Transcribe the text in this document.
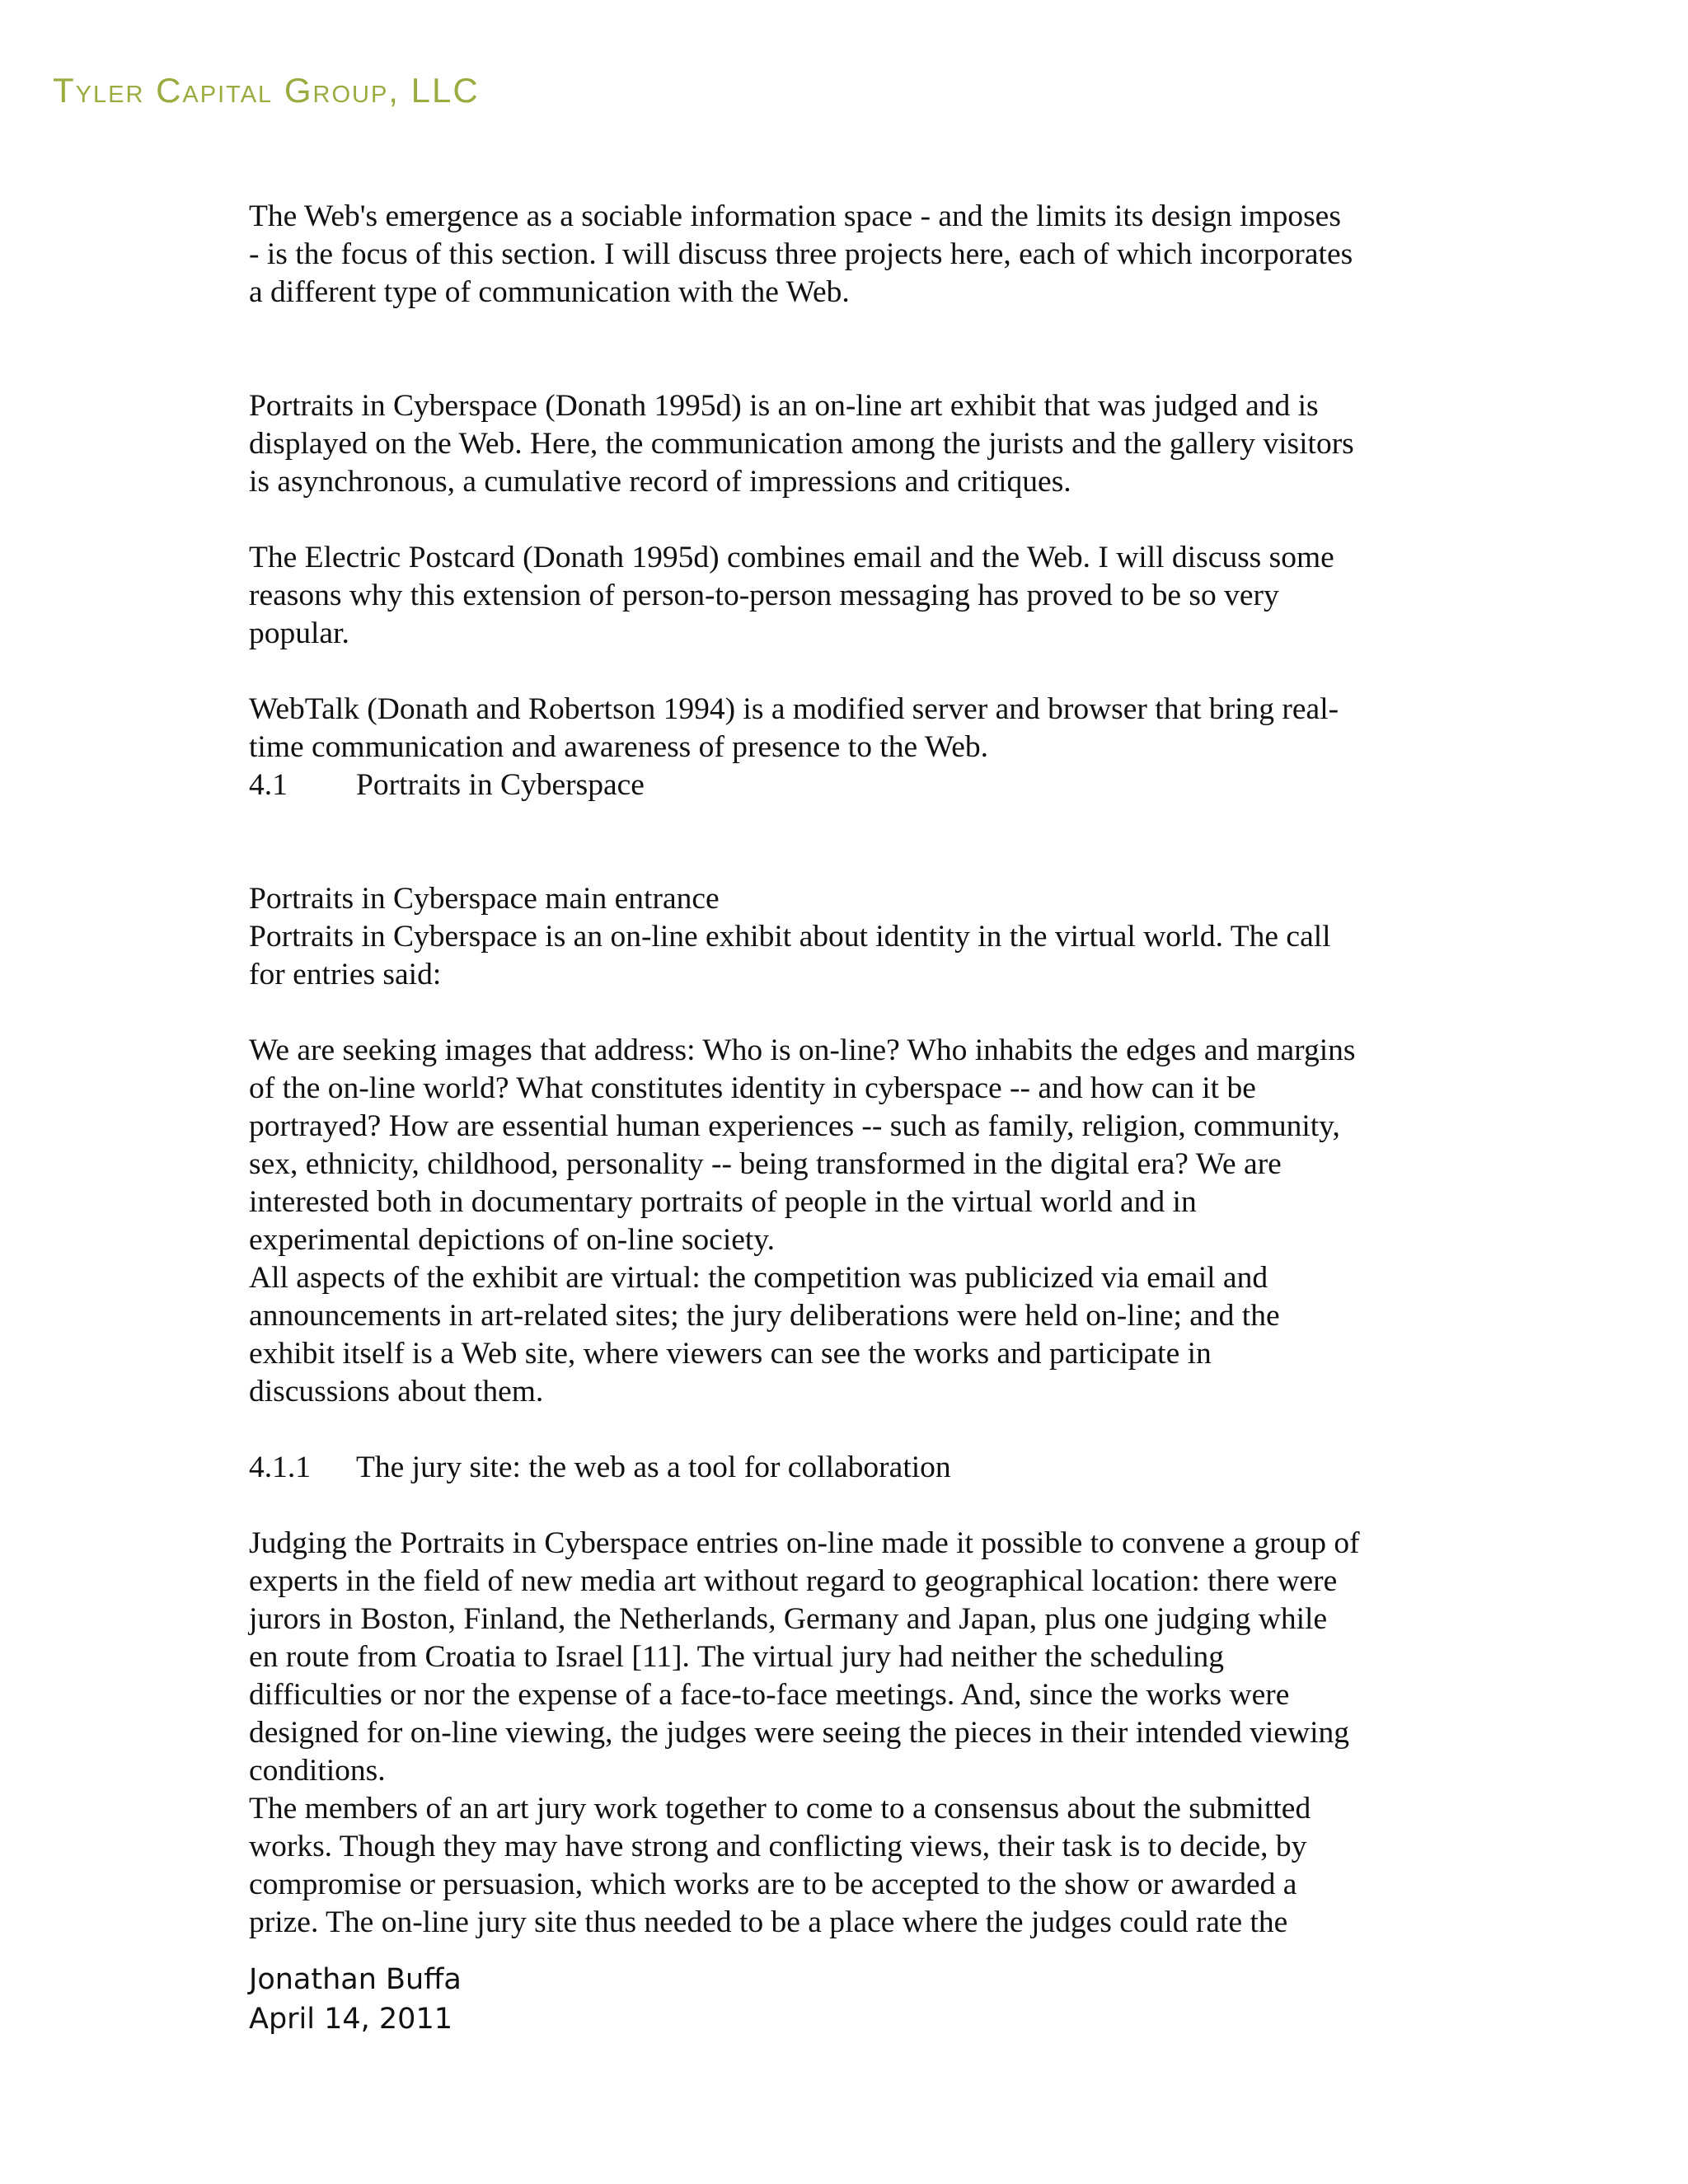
Tyler Capital Group, LLC

The Web's emergence as a sociable information space - and the limits its design imposes
- is the focus of this section. I will discuss three projects here, each of which incorporates
a different type of communication with the Web.

Portraits in Cyberspace (Donath 1995d) is an on-line art exhibit that was judged and is
displayed on the Web. Here, the communication among the jurists and the gallery visitors
is asynchronous, a cumulative record of impressions and critiques.

The Electric Postcard (Donath 1995d) combines email and the Web. I will discuss some
reasons why this extension of person-to-person messaging has proved to be so very
popular.

WebTalk (Donath and Robertson 1994) is a modified server and browser that bring real-
time communication and awareness of presence to the Web.

4.1	Portraits in Cyberspace

Portraits in Cyberspace main entrance

Portraits in Cyberspace is an on-line exhibit about identity in the virtual world. The call
for entries said:

We are seeking images that address: Who is on-line? Who inhabits the edges and margins
of the on-line world? What constitutes identity in cyberspace -- and how can it be
portrayed? How are essential human experiences -- such as family, religion, community,
sex, ethnicity, childhood, personality -- being transformed in the digital era? We are
interested both in documentary portraits of people in the virtual world and in
experimental depictions of on-line society.

All aspects of the exhibit are virtual: the competition was publicized via email and
announcements in art-related sites; the jury deliberations were held on-line; and the
exhibit itself is a Web site, where viewers can see the works and participate in
discussions about them.

4.1.1	The jury site: the web as a tool for collaboration

Judging the Portraits in Cyberspace entries on-line made it possible to convene a group of
experts in the field of new media art without regard to geographical location: there were
jurors in Boston, Finland, the Netherlands, Germany and Japan, plus one judging while
en route from Croatia to Israel [11]. The virtual jury had neither the scheduling
difficulties or nor the expense of a face-to-face meetings. And, since the works were
designed for on-line viewing, the judges were seeing the pieces in their intended viewing
conditions.

The members of an art jury work together to come to a consensus about the submitted
works. Though they may have strong and conflicting views, their task is to decide, by
compromise or persuasion, which works are to be accepted to the show or awarded a
prize. The on-line jury site thus needed to be a place where the judges could rate the

Jonathan Buffa
April 14, 2011
